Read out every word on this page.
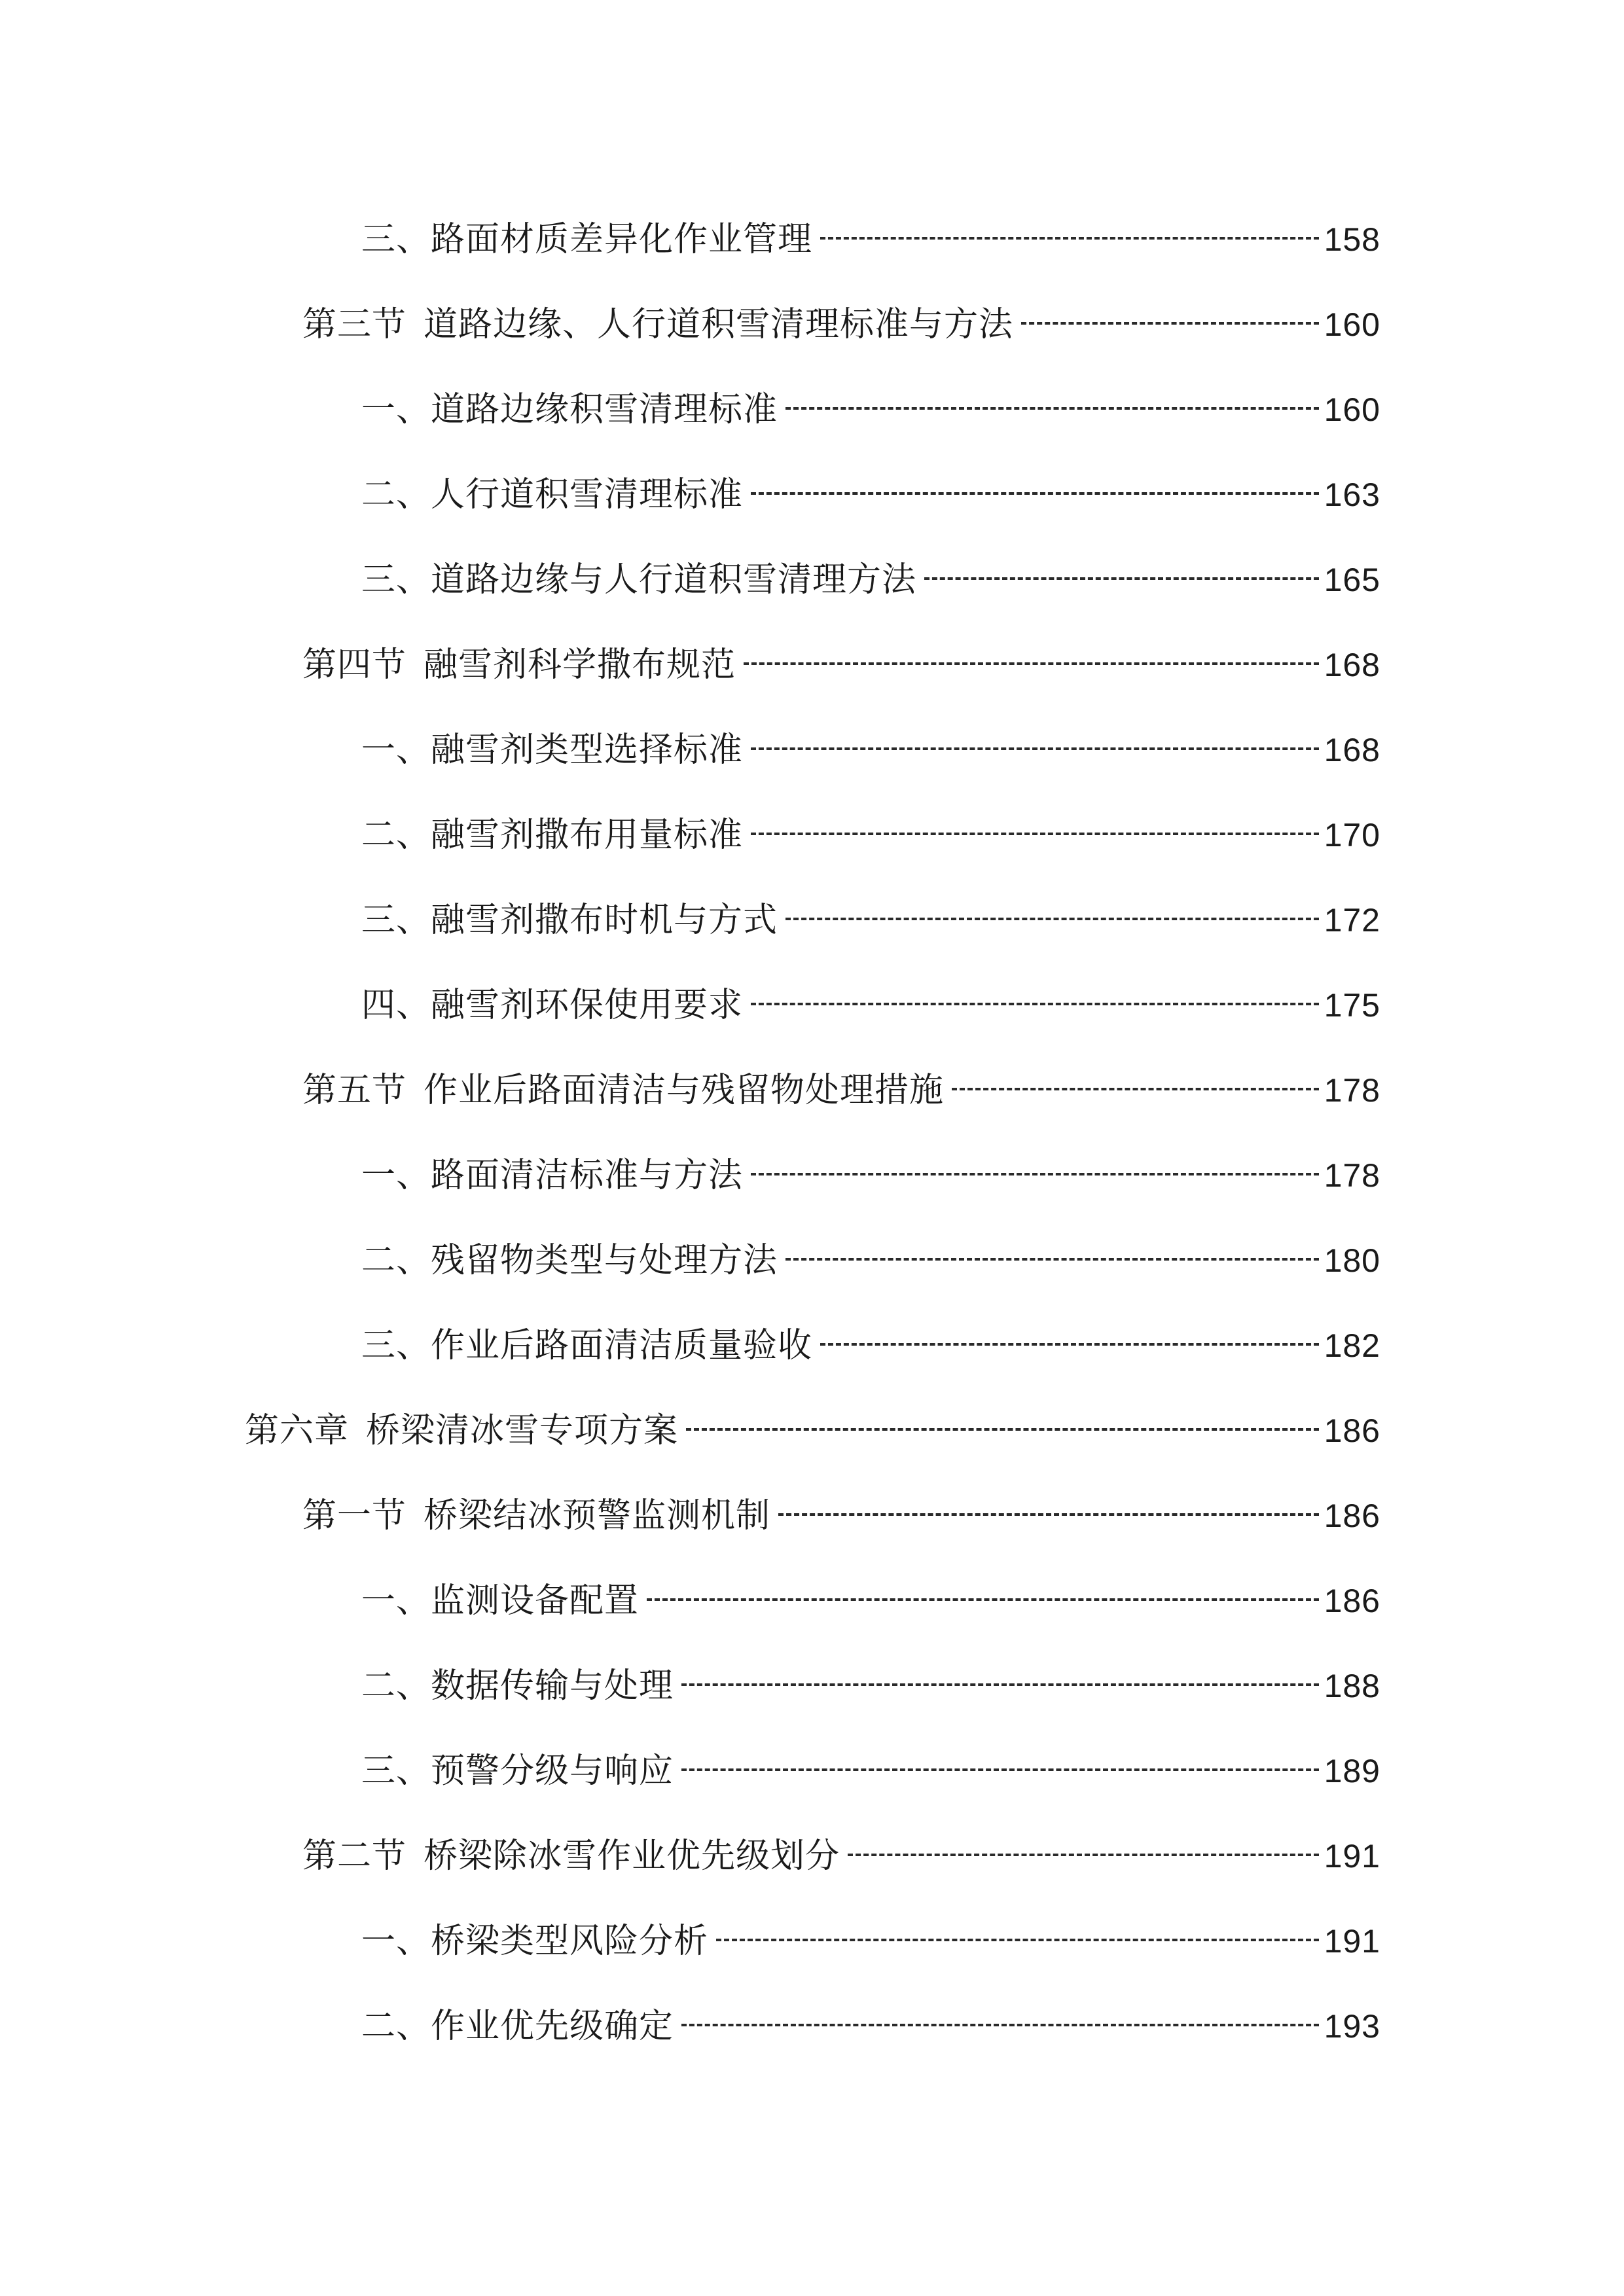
三、路面材质差异化作业管理	158
第三节 道路边缘、人行道积雪清理标准与方法	160
一、道路边缘积雪清理标准	160
二、人行道积雪清理标准	163
三、道路边缘与人行道积雪清理方法	165
第四节 融雪剂科学撒布规范	168
一、融雪剂类型选择标准	168
二、融雪剂撒布用量标准	170
三、融雪剂撒布时机与方式	172
四、融雪剂环保使用要求	175
第五节 作业后路面清洁与残留物处理措施	178
一、路面清洁标准与方法	178
二、残留物类型与处理方法	180
三、作业后路面清洁质量验收	182
第六章 桥梁清冰雪专项方案	186
第一节 桥梁结冰预警监测机制	186
一、监测设备配置	186
二、数据传输与处理	188
三、预警分级与响应	189
第二节 桥梁除冰雪作业优先级划分	191
一、桥梁类型风险分析	191
二、作业优先级确定	193
